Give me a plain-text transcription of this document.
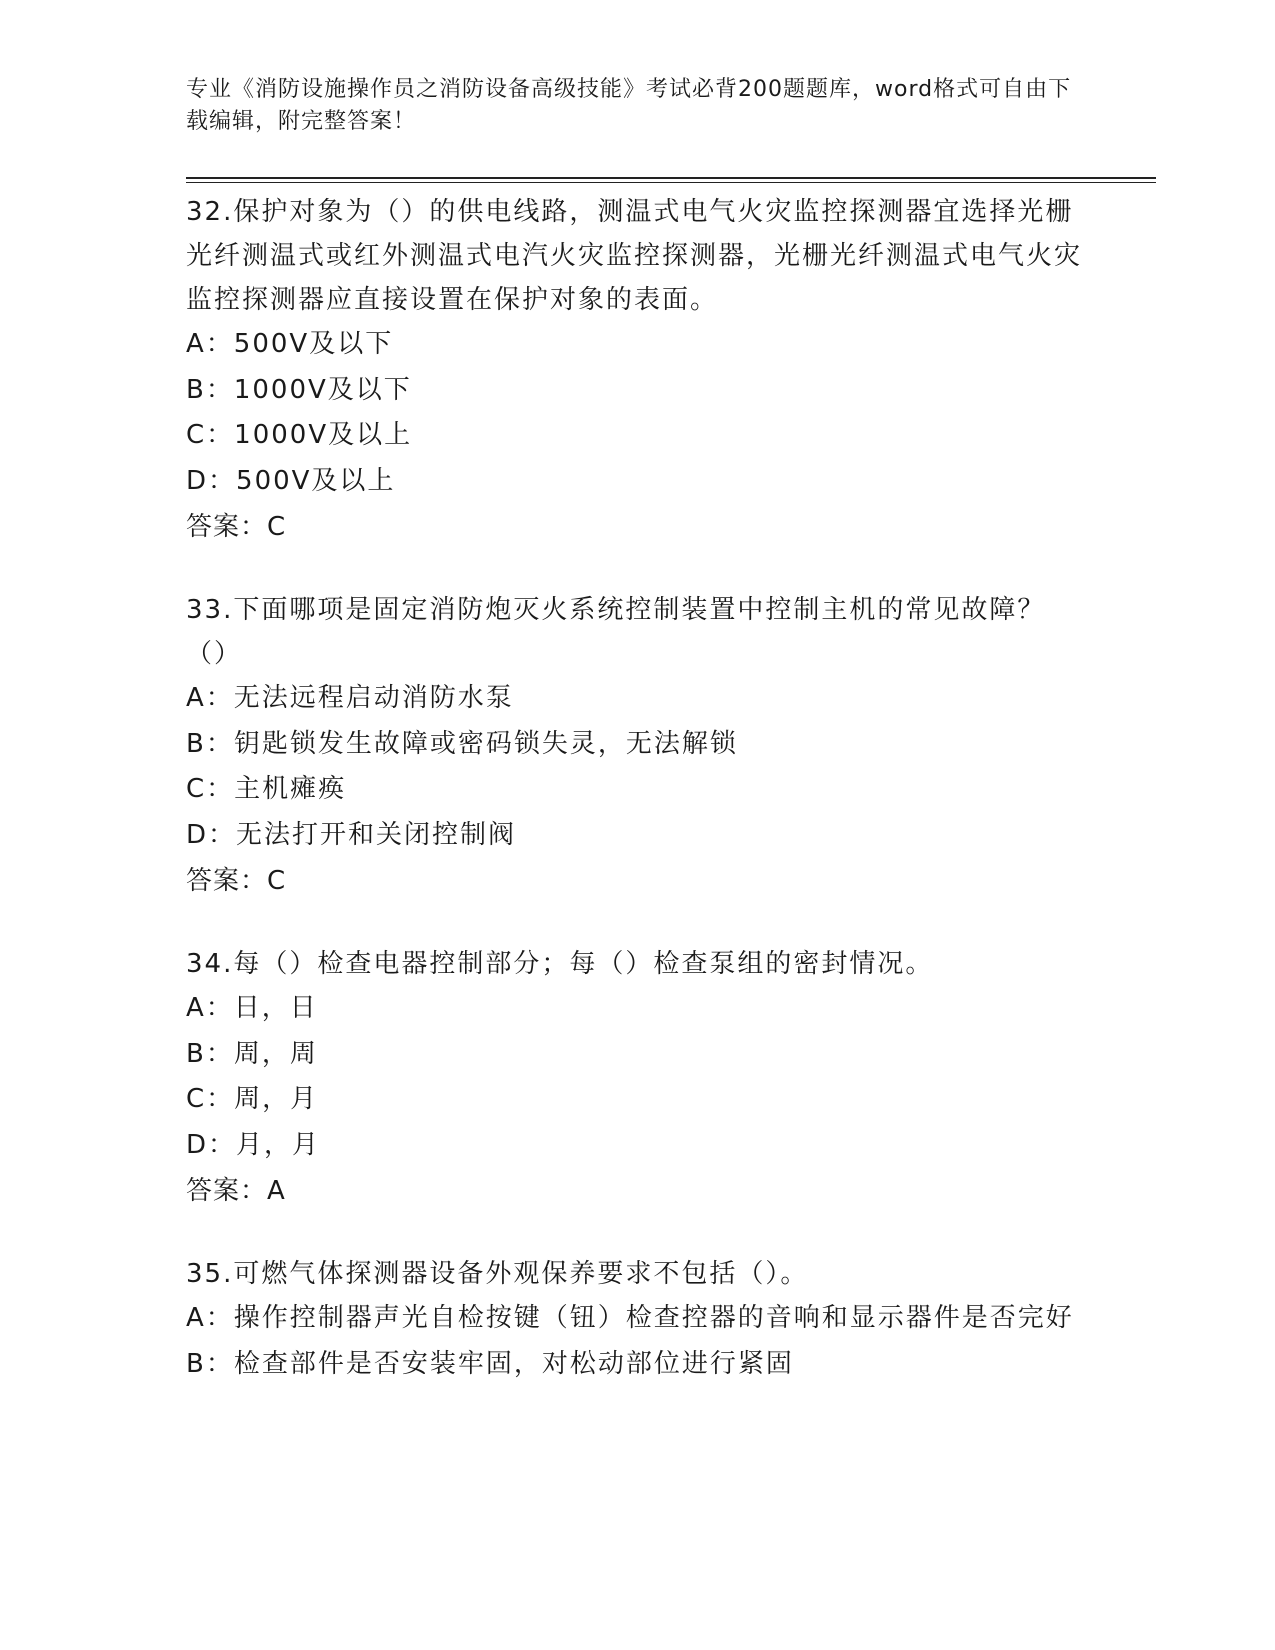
专业《消防设施操作员之消防设备高级技能》考试必背200题题库，word格式可自由下载编辑，附完整答案！
32.保护对象为（）的供电线路，测温式电气火灾监控探测器宜选择光栅光纤测温式或红外测温式电汽火灾监控探测器，光栅光纤测温式电气火灾监控探测器应直接设置在保护对象的表面。
A：500V及以下
B：1000V及以下
C：1000V及以上
D：500V及以上
答案：C
33.下面哪项是固定消防炮灭火系统控制装置中控制主机的常见故障？（）
A：无法远程启动消防水泵
B：钥匙锁发生故障或密码锁失灵，无法解锁
C：主机瘫痪
D：无法打开和关闭控制阀
答案：C
34.每（）检查电器控制部分；每（）检查泵组的密封情况。
A：日，日
B：周，周
C：周，月
D：月，月
答案：A
35.可燃气体探测器设备外观保养要求不包括（）。
A：操作控制器声光自检按键（钮）检查控器的音响和显示器件是否完好
B：检查部件是否安装牢固，对松动部位进行紧固
